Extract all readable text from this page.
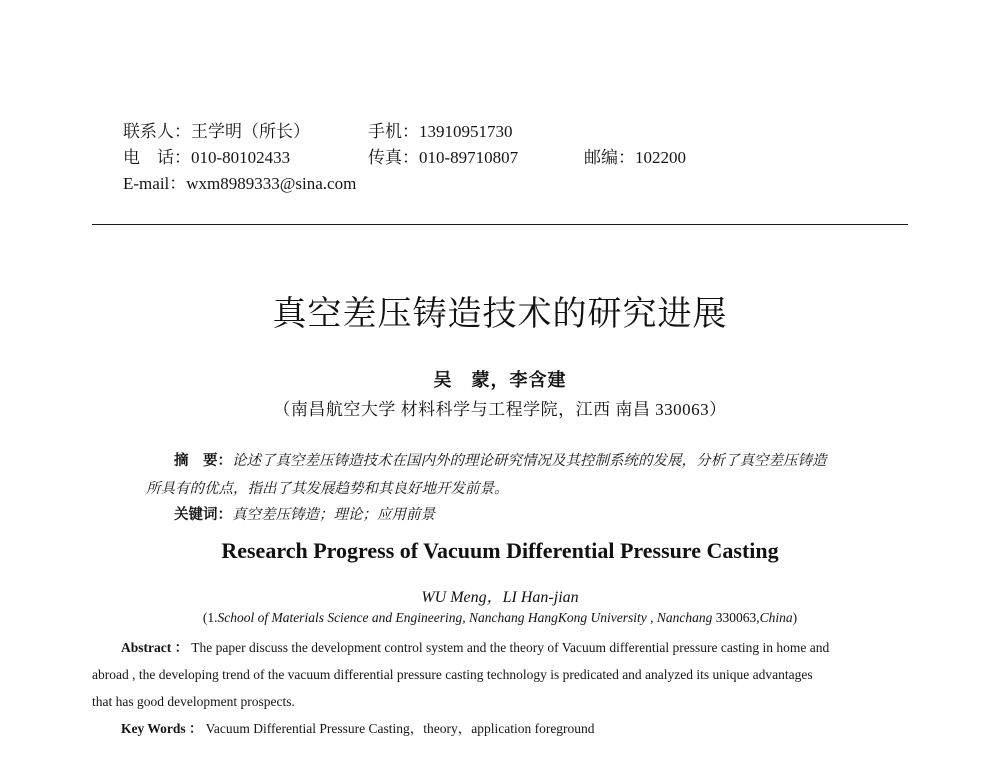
联系人：王学明（所长）	手机：13910951730
电　话：010-80102433	传真：010-89710807	邮编：102200
E-mail：wxm8989333@sina.com
真空差压铸造技术的研究进展
吴　蒙，李含建
（南昌航空大学 材料科学与工程学院，江西 南昌 330063）
摘　要：论述了真空差压铸造技术在国内外的理论研究情况及其控制系统的发展，分析了真空差压铸造
所具有的优点，指出了其发展趋势和其良好地开发前景。
关键词：真空差压铸造；理论；应用前景
Research Progress of Vacuum Differential Pressure Casting
WU Meng，LI Han-jian
(1.School of Materials Science and Engineering, Nanchang HangKong University , Nanchang 330063,China)
Abstract ： The paper discuss the development control system and the theory of Vacuum differential pressure casting in home and
abroad , the developing trend of the vacuum differential pressure casting technology is predicated and analyzed its unique advantages
that has good development prospects.
Key Words ： Vacuum Differential Pressure Casting，theory，application foreground
